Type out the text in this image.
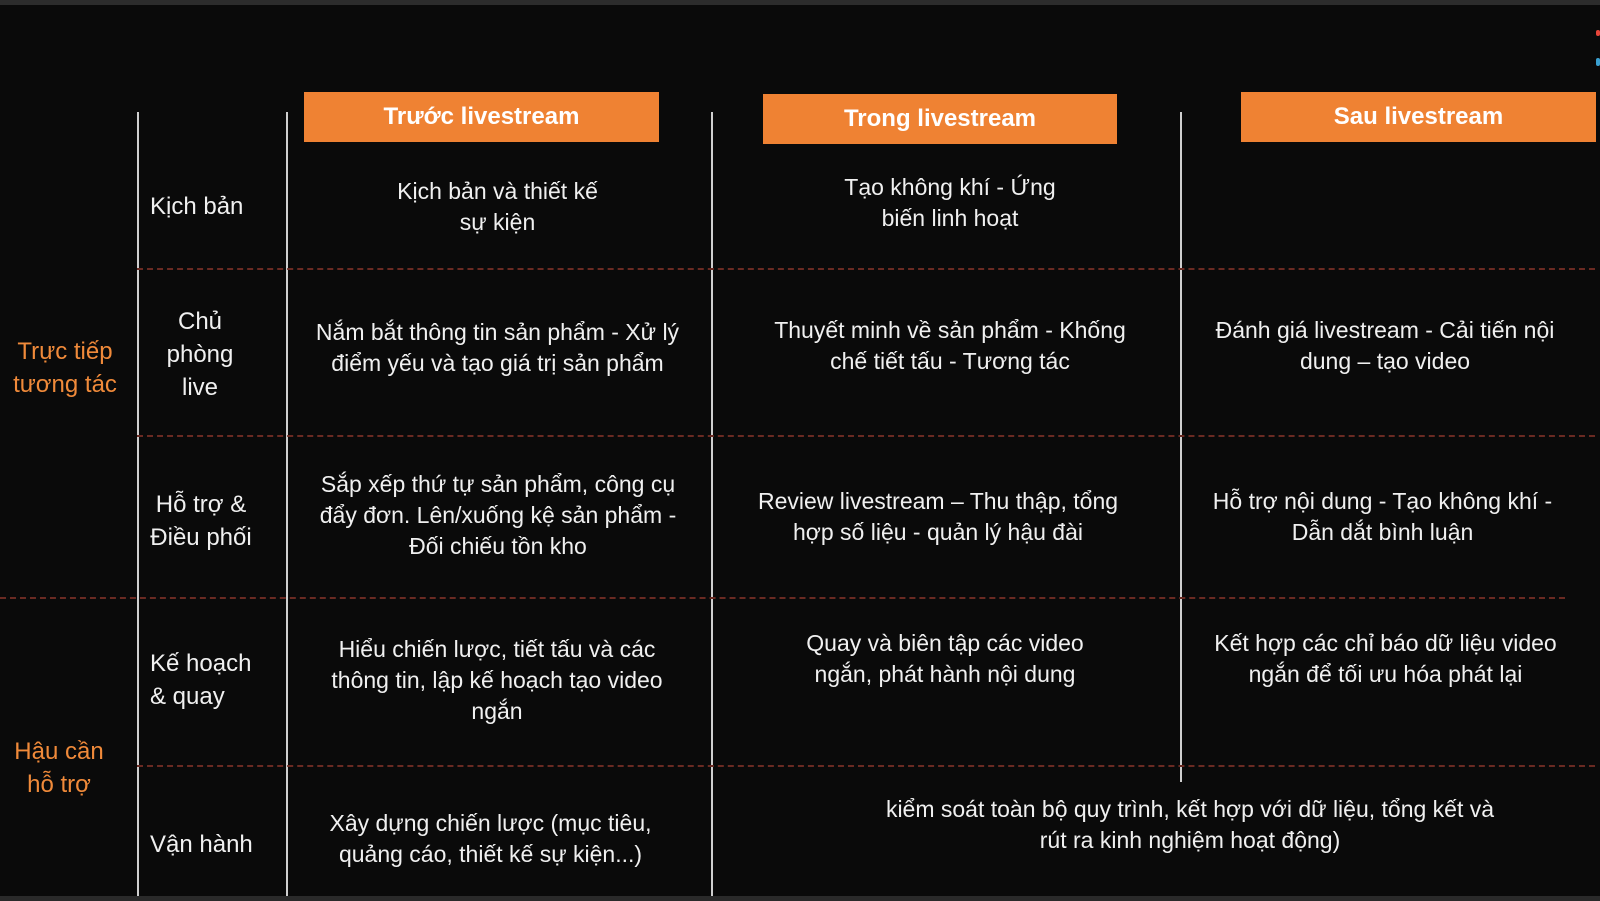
Trước livestream	Trong livestream	Sau livestream
Trực tiếp tương tác
Hậu cần hỗ trợ
Kịch bản
Chủ phòng live
Hỗ trợ & Điều phối
Kế hoạch & quay
Vận hành
Kịch bản và thiết kế sự kiện
Tạo không khí - Ứng biến linh hoạt
Nắm bắt thông tin sản phẩm - Xử lý điểm yếu và tạo giá trị sản phẩm
Thuyết minh về sản phẩm - Khống chế tiết tấu - Tương tác
Đánh giá livestream - Cải tiến nội dung – tạo video
Sắp xếp thứ tự sản phẩm, công cụ đẩy đơn. Lên/xuống kệ sản phẩm - Đối chiếu tồn kho
Review livestream – Thu thập, tổng hợp số liệu - quản lý hậu đài
Hỗ trợ nội dung - Tạo không khí - Dẫn dắt bình luận
Hiểu chiến lược, tiết tấu và các thông tin, lập kế hoạch tạo video ngắn
Quay và biên tập các video ngắn, phát hành nội dung
Kết hợp các chỉ báo dữ liệu video ngắn để tối ưu hóa phát lại
Xây dựng chiến lược (mục tiêu, quảng cáo, thiết kế sự kiện...)
kiểm soát toàn bộ quy trình, kết hợp với dữ liệu, tổng kết và rút ra kinh nghiệm hoạt động)
